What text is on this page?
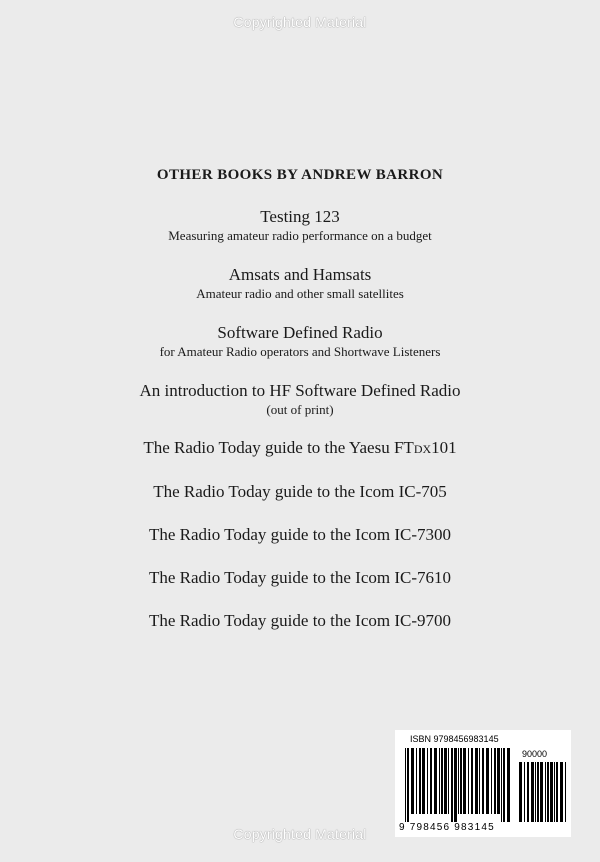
Copyrighted Material
OTHER BOOKS BY ANDREW BARRON
Testing 123
Measuring amateur radio performance on a budget
Amsats and Hamsats
Amateur radio and other small satellites
Software Defined Radio
for Amateur Radio operators and Shortwave Listeners
An introduction to HF Software Defined Radio
(out of print)
The Radio Today guide to the Yaesu FTdx101
The Radio Today guide to the Icom IC-705
The Radio Today guide to the Icom IC-7300
The Radio Today guide to the Icom IC-7610
The Radio Today guide to the Icom IC-9700
ISBN 9798456983145
90000
9 798456 983145
Copyrighted Material
